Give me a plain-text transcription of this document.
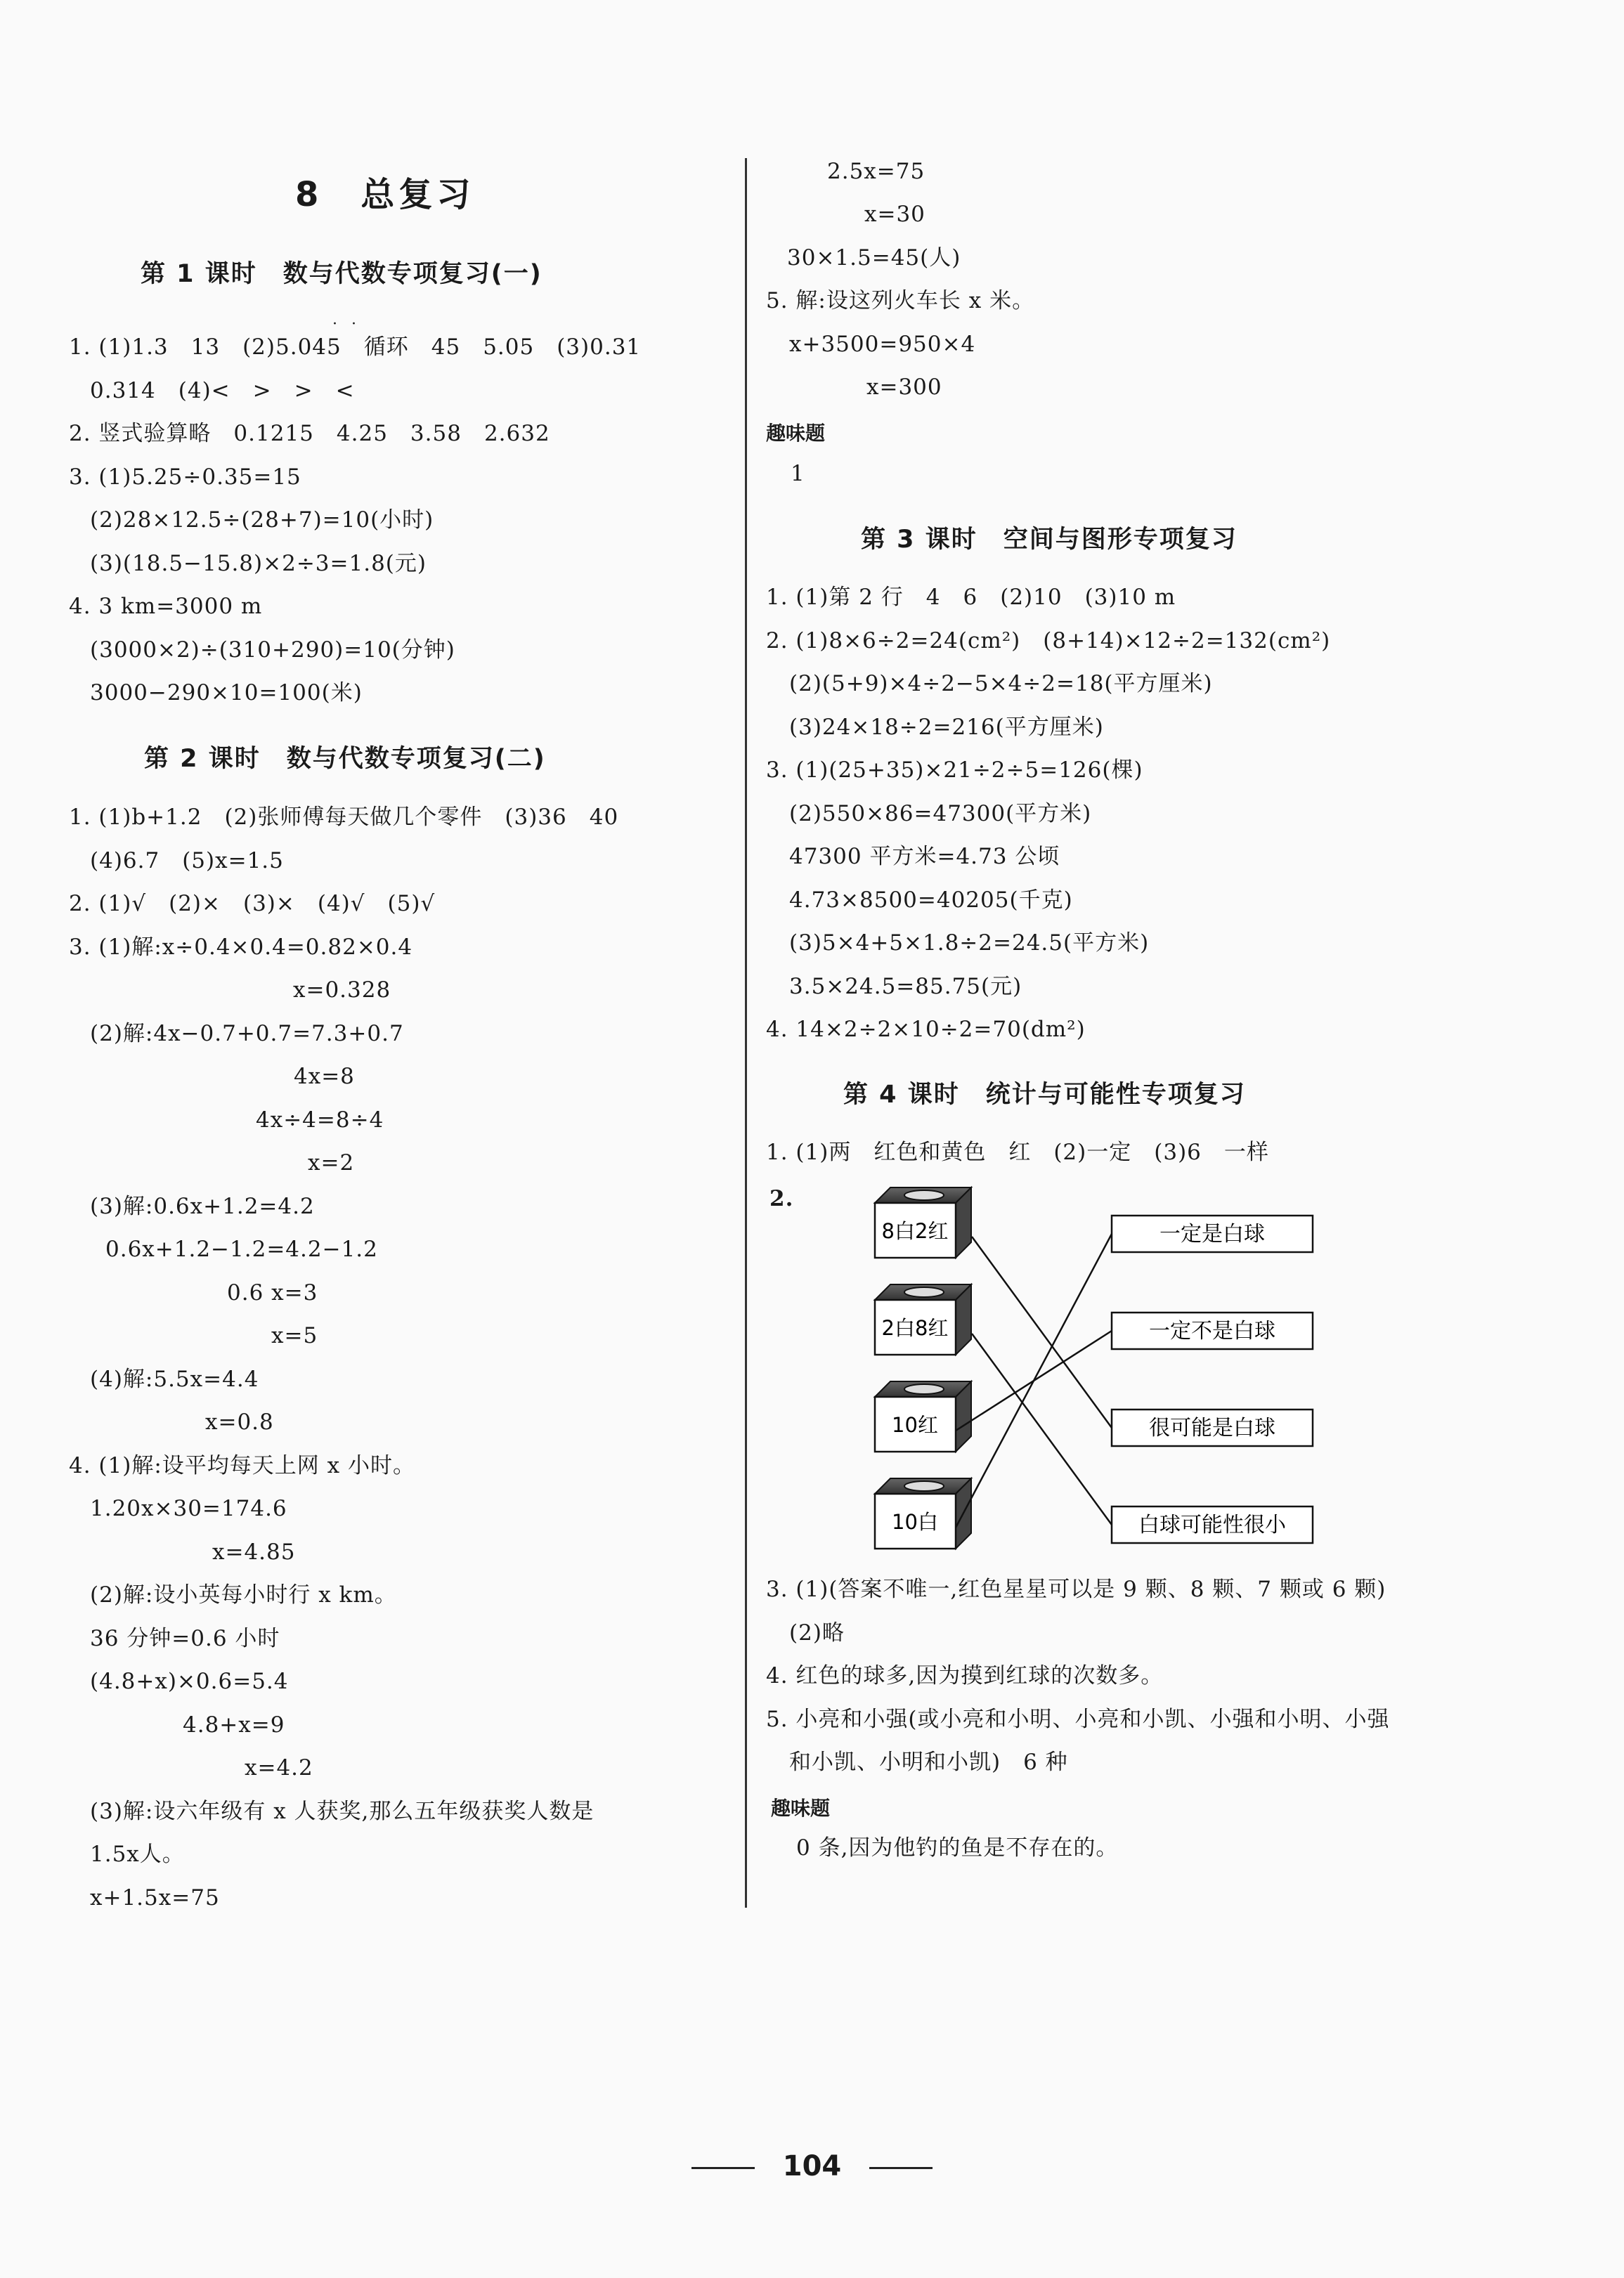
8　总复习
第 1 课时　数与代数专项复习(一)
··
1. (1)1.3　13　(2)5.045　循环　45　5.05　(3)0.31
0.314　(4)<　>　>　<
2. 竖式验算略　0.1215　4.25　3.58　2.632
3. (1)5.25÷0.35=15
(2)28×12.5÷(28+7)=10(小时)
(3)(18.5−15.8)×2÷3=1.8(元)
4. 3 km=3000 m
(3000×2)÷(310+290)=10(分钟)
3000−290×10=100(米)
第 2 课时　数与代数专项复习(二)
1. (1)b+1.2　(2)张师傅每天做几个零件　(3)36　40
(4)6.7　(5)x=1.5
2. (1)√　(2)×　(3)×　(4)√　(5)√
3. (1)解:x÷0.4×0.4=0.82×0.4
x=0.328
(2)解:4x−0.7+0.7=7.3+0.7
4x=8
4x÷4=8÷4
x=2
(3)解:0.6x+1.2=4.2
0.6x+1.2−1.2=4.2−1.2
0.6 x=3
x=5
(4)解:5.5x=4.4
x=0.8
4. (1)解:设平均每天上网 x 小时。
1.20x×30=174.6
x=4.85
(2)解:设小英每小时行 x km。
36 分钟=0.6 小时
(4.8+x)×0.6=5.4
4.8+x=9
x=4.2
(3)解:设六年级有 x 人获奖,那么五年级获奖人数是
1.5x人。
x+1.5x=75
2.5x=75
x=30
30×1.5=45(人)
5. 解:设这列火车长 x 米。
x+3500=950×4
x=300
趣味题
1
第 3 课时　空间与图形专项复习
1. (1)第 2 行　4　6　(2)10　(3)10 m
2. (1)8×6÷2=24(cm²)　(8+14)×12÷2=132(cm²)
(2)(5+9)×4÷2−5×4÷2=18(平方厘米)
(3)24×18÷2=216(平方厘米)
3. (1)(25+35)×21÷2÷5=126(棵)
(2)550×86=47300(平方米)
47300 平方米=4.73 公顷
4.73×8500=40205(千克)
(3)5×4+5×1.8÷2=24.5(平方米)
3.5×24.5=85.75(元)
4. 14×2÷2×10÷2=70(dm²)
第 4 课时　统计与可能性专项复习
1. (1)两　红色和黄色　红　(2)一定　(3)6　一样
2.
3. (1)(答案不唯一,红色星星可以是 9 颗、8 颗、7 颗或 6 颗)
(2)略
4. 红色的球多,因为摸到红球的次数多。
5. 小亮和小强(或小亮和小明、小亮和小凯、小强和小明、小强
和小凯、小明和小凯)　6 种
趣味题
0 条,因为他钓的鱼是不存在的。
8白2红
2白8红
10红
10白
一定是白球
一定不是白球
很可能是白球
白球可能性很小
104
